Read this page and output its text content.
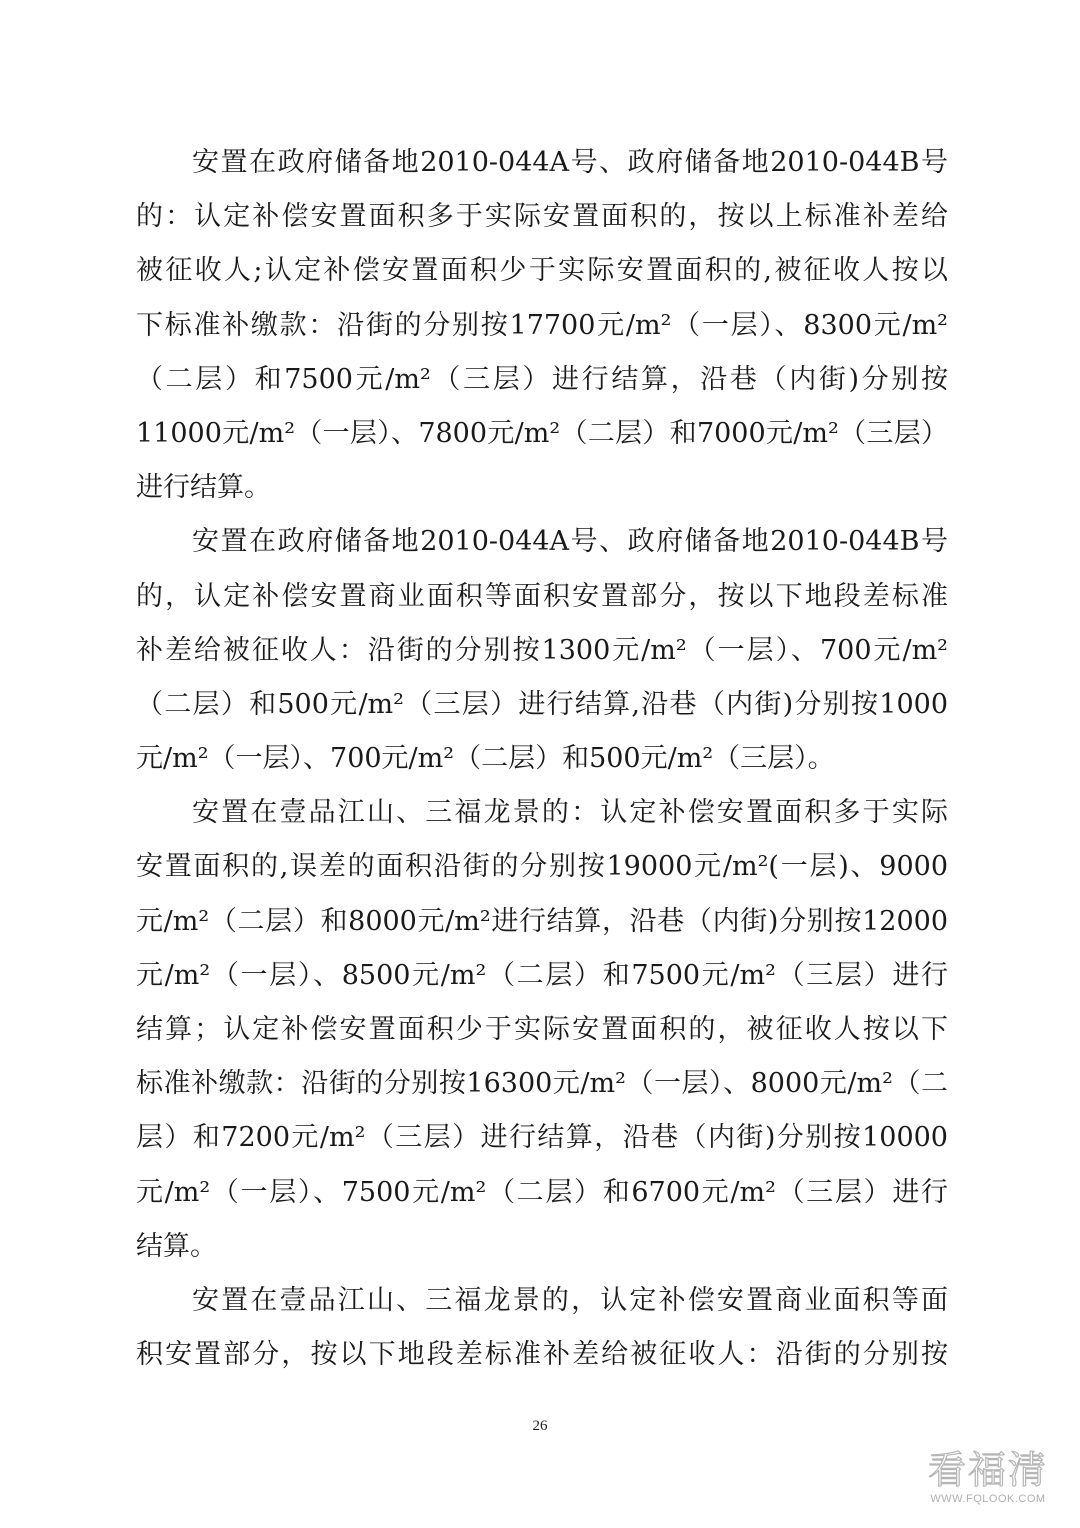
安置在政府储备地2010-044A号、政府储备地2010-044B号
的：认定补偿安置面积多于实际安置面积的，按以上标准补差给
被征收人;认定补偿安置面积少于实际安置面积的,被征收人按以
下标准补缴款：沿街的分别按17700元/m²（一层）、8300元/m²
（二层）和7500元/m²（三层）进行结算，沿巷（内街)分别按
11000元/m²（一层）、7800元/m²（二层）和7000元/m²（三层）
进行结算。
安置在政府储备地2010-044A号、政府储备地2010-044B号
的，认定补偿安置商业面积等面积安置部分，按以下地段差标准
补差给被征收人：沿街的分别按1300元/m²（一层）、700元/m²
（二层）和500元/m²（三层）进行结算,沿巷（内街)分别按1000
元/m²（一层）、700元/m²（二层）和500元/m²（三层）。
安置在壹品江山、三福龙景的：认定补偿安置面积多于实际
安置面积的,误差的面积沿街的分别按19000元/m²(一层)、9000
元/m²（二层）和8000元/m²进行结算，沿巷（内街)分别按12000
元/m²（一层）、8500元/m²（二层）和7500元/m²（三层）进行
结算；认定补偿安置面积少于实际安置面积的，被征收人按以下
标准补缴款：沿街的分别按16300元/m²（一层）、8000元/m²（二
层）和7200元/m²（三层）进行结算，沿巷（内街)分别按10000
元/m²（一层）、7500元/m²（二层）和6700元/m²（三层）进行
结算。
安置在壹品江山、三福龙景的，认定补偿安置商业面积等面
积安置部分，按以下地段差标准补差给被征收人：沿街的分别按
26
看福清
WWW.FQLOOK.COM
